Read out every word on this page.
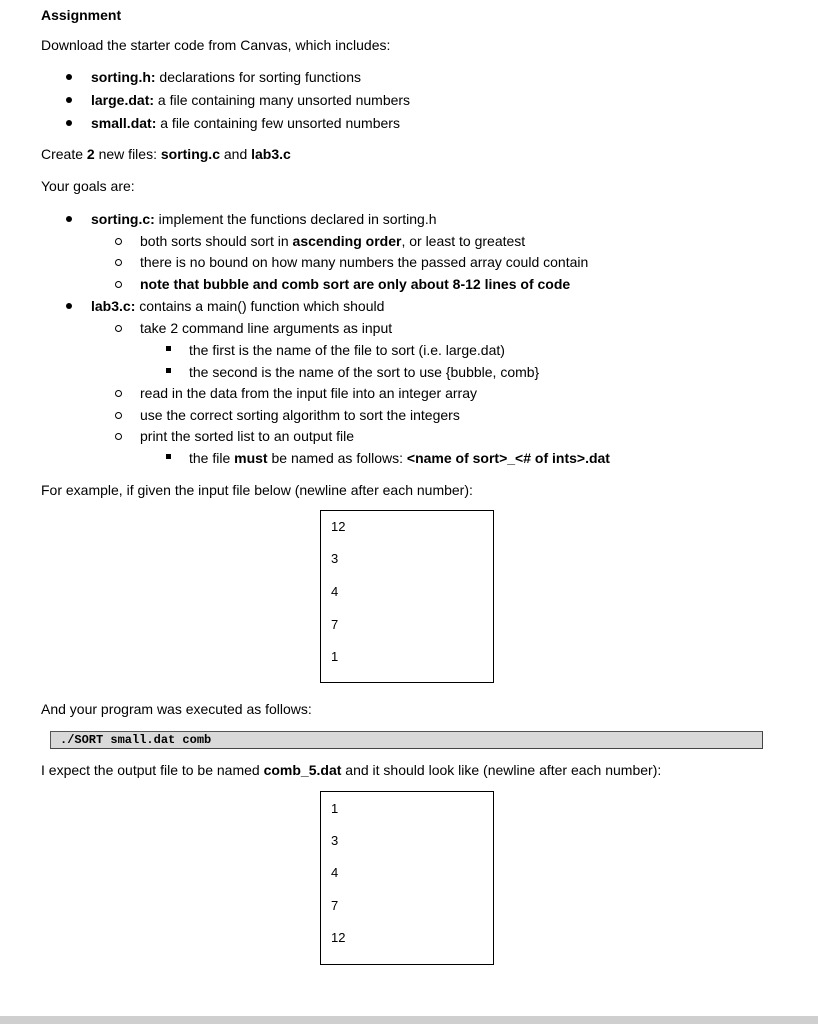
Assignment
Download the starter code from Canvas, which includes:
sorting.h: declarations for sorting functions
large.dat: a file containing many unsorted numbers
small.dat: a file containing few unsorted numbers
Create 2 new files: sorting.c and lab3.c
Your goals are:
sorting.c: implement the functions declared in sorting.h
both sorts should sort in ascending order, or least to greatest
there is no bound on how many numbers the passed array could contain
note that bubble and comb sort are only about 8-12 lines of code
lab3.c: contains a main() function which should
take 2 command line arguments as input
the first is the name of the file to sort (i.e. large.dat)
the second is the name of the sort to use {bubble, comb}
read in the data from the input file into an integer array
use the correct sorting algorithm to sort the integers
print the sorted list to an output file
the file must be named as follows: <name of sort>_<# of ints>.dat
For example, if given the input file below (newline after each number):
12
3
4
7
1
And your program was executed as follows:
./SORT small.dat comb
I expect the output file to be named comb_5.dat and it should look like (newline after each number):
1
3
4
7
12
